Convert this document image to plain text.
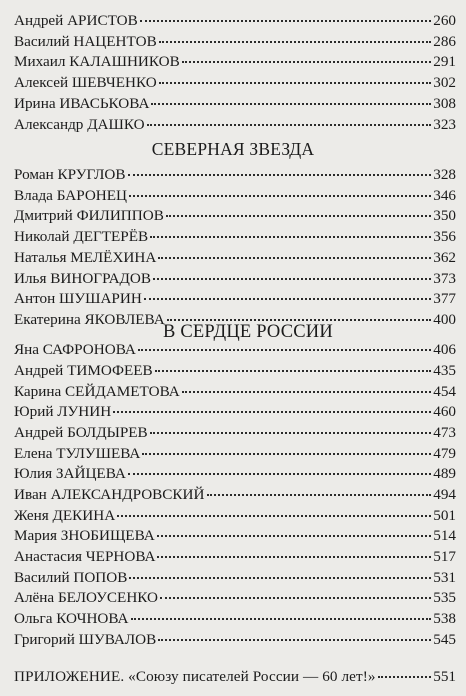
Андрей АРИСТОВ	260
Василий НАЦЕНТОВ	286
Михаил КАЛАШНИКОВ	291
Алексей ШЕВЧЕНКО	302
Ирина ИВАСЬКОВА	308
Александр ДАШКО	323
СЕВЕРНАЯ ЗВЕЗДА
Роман КРУГЛОВ	328
Влада БАРОНЕЦ	346
Дмитрий ФИЛИППОВ	350
Николай ДЕГТЕРЁВ	356
Наталья МЕЛЁХИНА	362
Илья ВИНОГРАДОВ	373
Антон ШУШАРИН	377
Екатерина ЯКОВЛЕВА	400
В СЕРДЦЕ РОССИИ
Яна САФРОНОВА	406
Андрей ТИМОФЕЕВ	435
Карина СЕЙДАМЕТОВА	454
Юрий ЛУНИН	460
Андрей БОЛДЫРЕВ	473
Елена ТУЛУШЕВА	479
Юлия ЗАЙЦЕВА	489
Иван АЛЕКСАНДРОВСКИЙ	494
Женя ДЕКИНА	501
Мария ЗНОБИЩЕВА	514
Анастасия ЧЕРНОВА	517
Василий ПОПОВ	531
Алёна БЕЛОУСЕНКО	535
Ольга КОЧНОВА	538
Григорий ШУВАЛОВ	545
ПРИЛОЖЕНИЕ. «Союзу писателей России — 60 лет!»	551
